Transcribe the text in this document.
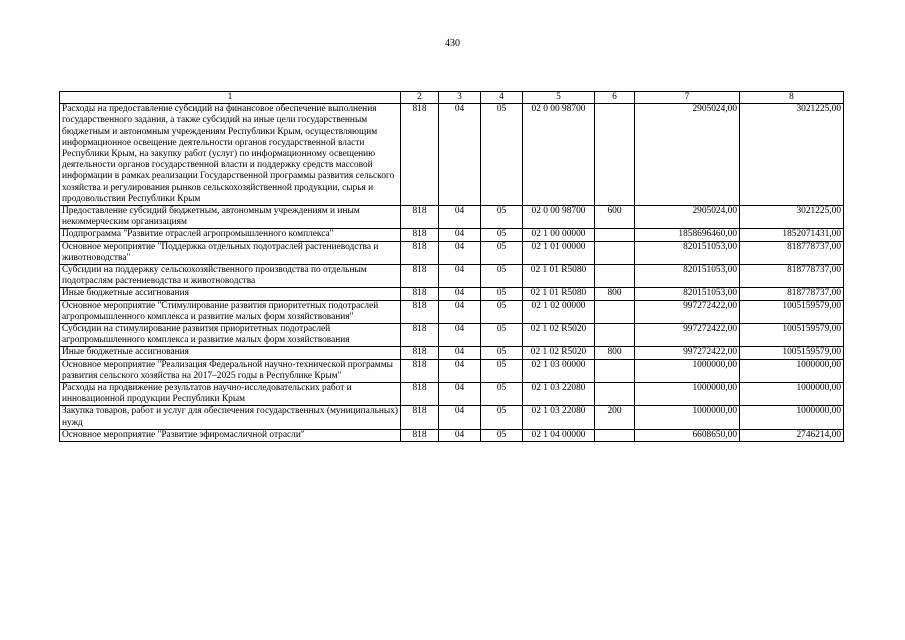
430
1	2	3	4	5	6	7	8
Расходы на предоставление субсидий на финансовое обеспечение выполнения государственного задания, а также субсидий на иные цели государственным бюджетным и автономным учреждениям Республики Крым, осуществляющим информационное освещение деятельности органов государственной власти Республики Крым, на закупку работ (услуг) по информационному освещению деятельности органов государственной власти и поддержку средств массовой информации в рамках реализации Государственной программы развития сельского хозяйства и регулирования рынков сельскохозяйственной продукции, сырья и продовольствия Республики Крым	818	04	05	02 0 00 98700		2905024,00	3021225,00
Предоставление субсидий бюджетным, автономным учреждениям и иным некоммерческим организациям	818	04	05	02 0 00 98700	600	2905024,00	3021225,00
Подпрограмма "Развитие отраслей агропромышленного комплекса"	818	04	05	02 1 00 00000		1858696460,00	1852071431,00
Основное мероприятие "Поддержка отдельных подотраслей растениеводства и животноводства"	818	04	05	02 1 01 00000		820151053,00	818778737,00
Субсидии на поддержку сельскохозяйственного производства по отдельным подотраслям растениеводства и животноводства	818	04	05	02 1 01 R5080		820151053,00	818778737,00
Иные бюджетные ассигнования	818	04	05	02 1 01 R5080	800	820151053,00	818778737,00
Основное мероприятие "Стимулирование развития приоритетных подотраслей агропромышленного комплекса и развитие малых форм хозяйствования"	818	04	05	02 1 02 00000		997272422,00	1005159579,00
Субсидии на стимулирование развития приоритетных подотраслей агропромышленного комплекса и развитие малых форм хозяйствования	818	04	05	02 1 02 R5020		997272422,00	1005159579,00
Иные бюджетные ассигнования	818	04	05	02 1 02 R5020	800	997272422,00	1005159579,00
Основное мероприятие "Реализация Федеральной научно-технической программы развития сельского хозяйства на 2017–2025 годы в Республике Крым"	818	04	05	02 1 03 00000		1000000,00	1000000,00
Расходы на продвижение результатов научно-исследовательских работ и инновационной продукции Республики Крым	818	04	05	02 1 03 22080		1000000,00	1000000,00
Закупка товаров, работ и услуг для обеспечения государственных (муниципальных) нужд	818	04	05	02 1 03 22080	200	1000000,00	1000000,00
Основное мероприятие "Развитие эфиромасличной отрасли"	818	04	05	02 1 04 00000		6608650,00	2746214,00
